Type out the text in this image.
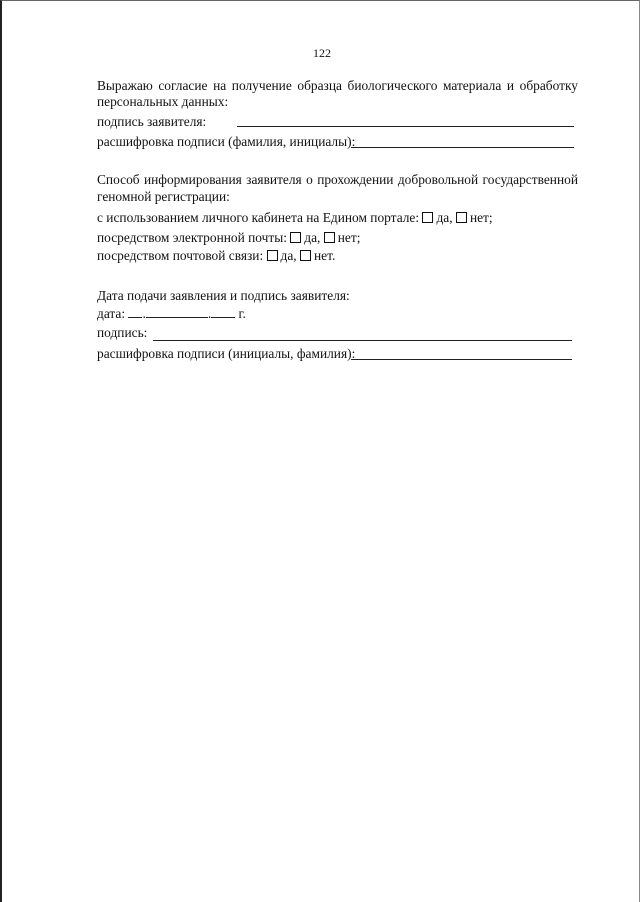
122
Выражаю согласие на получение образца биологического материала и обработку
персональных данных:
подпись заявителя:
расшифровка подписи (фамилия, инициалы):
Способ информирования заявителя о прохождении добровольной государственной
геномной регистрации:
с использованием личного кабинета на Едином портале: да, нет;
посредством электронной почты: да, нет;
посредством почтовой связи: да, нет.
Дата подачи заявления и подпись заявителя:
дата: .	. г.
подпись:
расшифровка подписи (инициалы, фамилия):
